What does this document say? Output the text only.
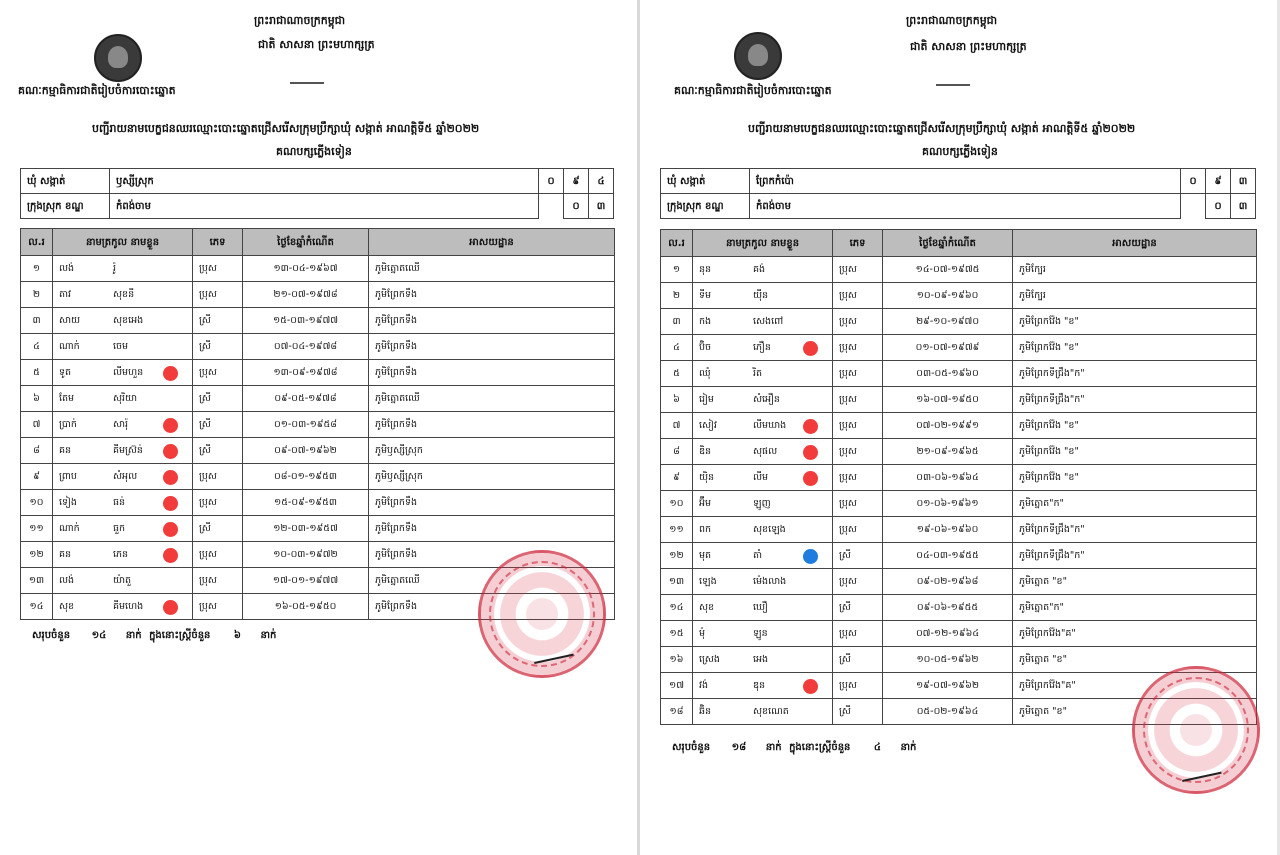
ព្រះរាជាណាចក្រកម្ពុជា
ជាតិ សាសនា ព្រះមហាក្សត្រ
គណៈកម្មាធិការជាតិរៀបចំការបោះឆ្នោត
បញ្ជីរាយនាមបេក្ខជនឈរឈ្មោះបោះឆ្នោតជ្រើសរើសក្រុមប្រឹក្សាឃុំ សង្កាត់ អាណត្តិទី៥ ឆ្នាំ២០២២
គណបក្សភ្លើងទៀន
ឃុំ សង្កាត់	ឫស្សីស្រុក	០	៩	៤
ក្រុងស្រុក ខណ្ឌ	កំពង់ចាម		០	៣
ល.រ	នាមត្រកូល នាមខ្លួន	ភេទ	ថ្ងៃខែឆ្នាំកំណើត	អាសយដ្ឋាន
១	លង់ រ៉ូ	ប្រុស	១៣-០៤-១៩៦៧	ភូមិត្នោតឈើ
២	តាវ សុខនី	ប្រុស	២១-០៧-១៩៧៨	ភូមិព្រែកទឹង
៣	សាយ សុខអេង	ស្រី	១៥-០៣-១៩៧៧	ភូមិព្រែកទឹង
៤	ណាក់ ចេម	ស្រី	០៧-០៤-១៩៧៨	ភូមិព្រែកទឹង
៥	ទូត លីមហួន	ប្រុស	១៣-០៩-១៩៧៨	ភូមិព្រែកទឹង
៦	តែម សុរិយា	ស្រី	០៩-០៥-១៩៧៨	ភូមិត្នោតឈើ
៧	ប្រាក់ សារ៉ុ	ស្រី	០១-០៣-១៩៥៨	ភូមិព្រែកទឹង
៨	គន គីមស្រ៊ន់	ស្រី	០៩-០៧-១៩៦២	ភូមិឫស្សីស្រុក
៩	ព្រាប សំអុល	ប្រុស	០៨-០១-១៩៥៣	ភូមិឫស្សីស្រុក
១០	ទៀង ធន់	ប្រុស	១៥-០៩-១៩៥៣	ភូមិព្រែកទឹង
១១	ណាក់ ធួក	ស្រី	១២-០៣-១៩៥៧	ភូមិព្រែកទឹង
១២	គន ភេន	ប្រុស	១០-០៣-១៩៧២	ភូមិព្រែកទឹង
១៣	លង់ យ៉ាតួ	ប្រុស	១៧-០១-១៩៧៧	ភូមិត្នោតឈើ
១៤	សុខ គីមហេង	ប្រុស	១៦-០៥-១៩៥០	ភូមិព្រែកទឹង
សរុបចំនួន ១៤ នាក់ ក្នុងនោះស្ត្រីចំនួន ៦ នាក់
ព្រះរាជាណាចក្រកម្ពុជា
ជាតិ សាសនា ព្រះមហាក្សត្រ
គណៈកម្មាធិការជាតិរៀបចំការបោះឆ្នោត
បញ្ជីរាយនាមបេក្ខជនឈរឈ្មោះបោះឆ្នោតជ្រើសរើសក្រុមប្រឹក្សាឃុំ សង្កាត់ អាណត្តិទី៥ ឆ្នាំ២០២២
គណបក្សភ្លើងទៀន
ឃុំ សង្កាត់	ព្រែកកំប៉ោ	០	៩	៣
ក្រុងស្រុក ខណ្ឌ	កំពង់ចាម		០	៣
ល.រ	នាមត្រកូល នាមខ្លួន	ភេទ	ថ្ងៃខែឆ្នាំកំណើត	អាសយដ្ឋាន
១	នុន គង់	ប្រុស	១៤-០៧-១៩៧៥	ភូមិក្បែរ
២	ទីម យ៉ីន	ប្រុស	១០-០៩-១៩៦០	ភូមិក្បែរ
៣	កង សេងពៅ	ប្រុស	២៩-១០-១៩៧០	ភូមិព្រែកវ៉ែង "ខ"
៤	ប៊ិច ភឿន	ប្រុស	០១-០៧-១៩៧៩	ភូមិព្រែកវ៉ែង "ខ"
៥	ឈុំ រិត	ប្រុស	០៣-០៥-១៩៦០	ភូមិព្រែកទីជ្រឹង"ក"
៦	រៀម សំអឿន	ប្រុស	១៦-០៧-១៩៥០	ភូមិព្រែកទីជ្រឹង"ក"
៧	សៀវ លីមឃាង	ប្រុស	០៧-០២-១៩៩១	ភូមិព្រែកវ៉ែង "ខ"
៨	ឌិន សុផល	ប្រុស	២១-០៩-១៩៦៥	ភូមិព្រែកវ៉ែង "ខ"
៩	យ៉ិន លីម	ប្រុស	០៣-០៦-១៩៦៤	ភូមិព្រែកវ៉ែង "ខ"
១០	អ៊ឹម ឡូញ	ប្រុស	០១-០៦-១៩៦១	ភូមិត្នោត"ក"
១១	ពក សុខឡេង	ប្រុស	១៩-០៦-១៩៦០	ភូមិព្រែកទីជ្រឹង"ក"
១២	មុត តាំ	ស្រី	០៤-០៣-១៩៥៥	ភូមិព្រែកទីជ្រឹង"ក"
១៣	ឡេង ម៉េងលាង	ប្រុស	០៩-០២-១៩៦៨	ភូមិត្នោត "ខ"
១៤	សុខ ឃឿ	ស្រី	០៩-០៦-១៩៥៥	ភូមិត្នោត"ក"
១៥	ម៉ុ ឡូន	ប្រុស	០៧-១២-១៩៦៤	ភូមិព្រែកវ៉ែង"គ"
១៦	ស្រេង អេង	ស្រី	១០-០៥-១៩៦២	ភូមិត្នោត "ខ"
១៧	វង់ ឌុន	ប្រុស	១៩-០៧-១៩៦២	ភូមិព្រែកវ៉ែង"គ"
១៨	ឆ៊ិន សុខណេត	ស្រី	០៥-០២-១៩៦៤	ភូមិត្នោត "ខ"
សរុបចំនួន ១៨ នាក់ ក្នុងនោះស្ត្រីចំនួន ៤ នាក់
